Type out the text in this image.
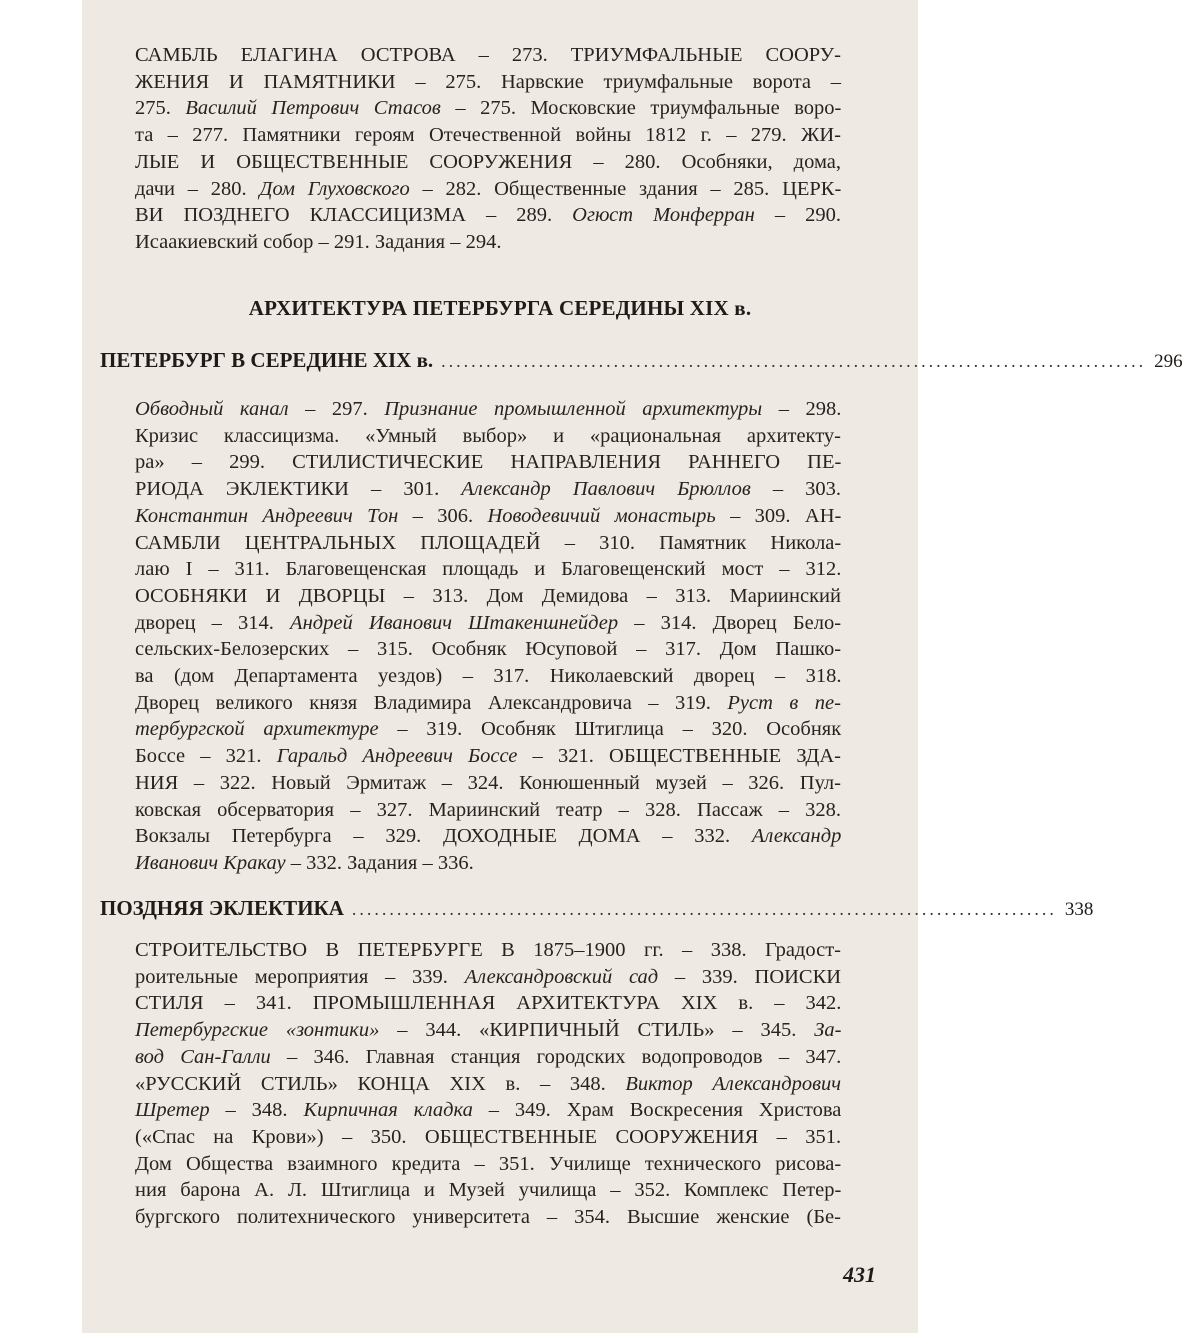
САМБЛЬ ЕЛАГИНА ОСТРОВА – 273. ТРИУМФАЛЬНЫЕ СООРУ-
ЖЕНИЯ И ПАМЯТНИКИ – 275. Нарвские триумфальные ворота –
275. Василий Петрович Стасов – 275. Московские триумфальные воро-
та – 277. Памятники героям Отечественной войны 1812 г. – 279. ЖИ-
ЛЫЕ И ОБЩЕСТВЕННЫЕ СООРУЖЕНИЯ – 280. Особняки, дома,
дачи – 280. Дом Глуховского – 282. Общественные здания – 285. ЦЕРК-
ВИ ПОЗДНЕГО КЛАССИЦИЗМА – 289. Огюст Монферран – 290.
Исаакиевский собор – 291. Задания – 294.
АРХИТЕКТУРА ПЕТЕРБУРГА СЕРЕДИНЫ XIX в.
ПЕТЕРБУРГ В СЕРЕДИНЕ XIX в. .............................................................................................. 296
Обводный канал – 297. Признание промышленной архитектуры – 298.
Кризис классицизма. «Умный выбор» и «рациональная архитекту-
ра» – 299. СТИЛИСТИЧЕСКИЕ НАПРАВЛЕНИЯ РАННЕГО ПЕ-
РИОДА ЭКЛЕКТИКИ – 301. Александр Павлович Брюллов – 303.
Константин Андреевич Тон – 306. Новодевичий монастырь – 309. АН-
САМБЛИ ЦЕНТРАЛЬНЫХ ПЛОЩАДЕЙ – 310. Памятник Никола-
лаю I – 311. Благовещенская площадь и Благовещенский мост – 312.
ОСОБНЯКИ И ДВОРЦЫ – 313. Дом Демидова – 313. Мариинский
дворец – 314. Андрей Иванович Штакеншнейдер – 314. Дворец Бело-
сельских-Белозерских – 315. Особняк Юсуповой – 317. Дом Пашко-
ва (дом Департамента уездов) – 317. Николаевский дворец – 318.
Дворец великого князя Владимира Александровича – 319. Руст в пе-
тербургской архитектуре – 319. Особняк Штиглица – 320. Особняк
Боссе – 321. Гаральд Андреевич Боссе – 321. ОБЩЕСТВЕННЫЕ ЗДА-
НИЯ – 322. Новый Эрмитаж – 324. Конюшенный музей – 326. Пул-
ковская обсерватория – 327. Мариинский театр – 328. Пассаж – 328.
Вокзалы Петербурга – 329. ДОХОДНЫЕ ДОМА – 332. Александр
Иванович Кракау – 332. Задания – 336.
ПОЗДНЯЯ ЭКЛЕКТИКА .............................................................................................. 338
СТРОИТЕЛЬСТВО В ПЕТЕРБУРГЕ В 1875–1900 гг. – 338. Градост-
роительные мероприятия – 339. Александровский сад – 339. ПОИСКИ
СТИЛЯ – 341. ПРОМЫШЛЕННАЯ АРХИТЕКТУРА XIX в. – 342.
Петербургские «зонтики» – 344. «КИРПИЧНЫЙ СТИЛЬ» – 345. За-
вод Сан-Галли – 346. Главная станция городских водопроводов – 347.
«РУССКИЙ СТИЛЬ» КОНЦА XIX в. – 348. Виктор Александрович
Шретер – 348. Кирпичная кладка – 349. Храм Воскресения Христова
(«Спас на Крови») – 350. ОБЩЕСТВЕННЫЕ СООРУЖЕНИЯ – 351.
Дом Общества взаимного кредита – 351. Училище технического рисова-
ния барона А. Л. Штиглица и Музей училища – 352. Комплекс Петер-
бургского политехнического университета – 354. Высшие женские (Бе-
431
